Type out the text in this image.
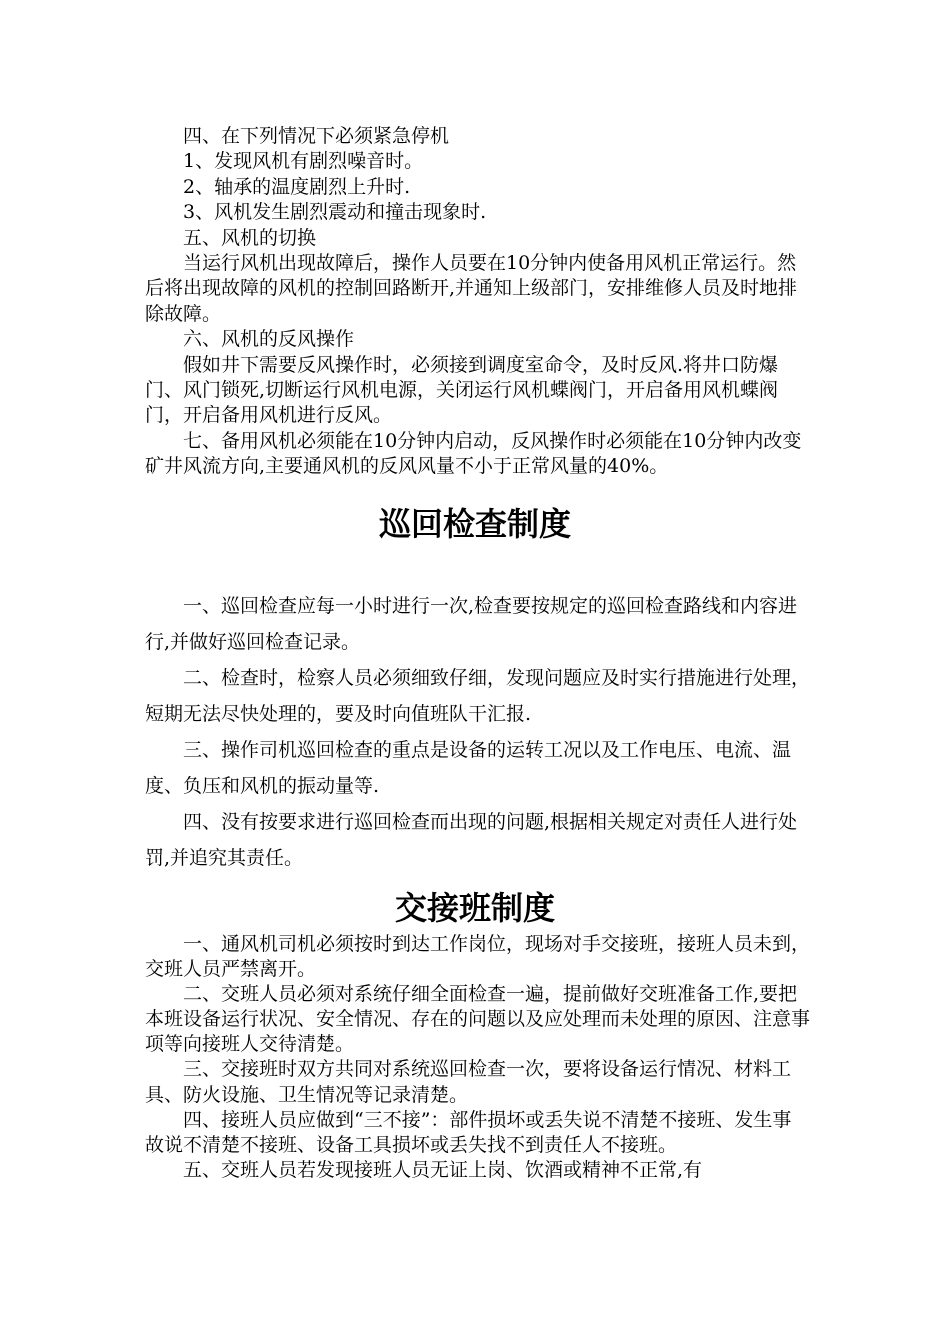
四、在下列情况下必须紧急停机

1、发现风机有剧烈噪音时。

2、轴承的温度剧烈上升时.

3、风机发生剧烈震动和撞击现象时.

五、风机的切换

当运行风机出现故障后，操作人员要在10分钟内使备用风机正常运行。然后将出现故障的风机的控制回路断开,并通知上级部门，安排维修人员及时地排除故障。

六、风机的反风操作

假如井下需要反风操作时，必须接到调度室命令，及时反风.将井口防爆门、风门锁死,切断运行风机电源，关闭运行风机蝶阀门，开启备用风机蝶阀门，开启备用风机进行反风。

七、备用风机必须能在10分钟内启动，反风操作时必须能在10分钟内改变矿井风流方向,主要通风机的反风风量不小于正常风量的40%。

巡回检查制度

一、巡回检查应每一小时进行一次,检查要按规定的巡回检查路线和内容进行,并做好巡回检查记录。

二、检查时，检察人员必须细致仔细，发现问题应及时实行措施进行处理，短期无法尽快处理的，要及时向值班队干汇报.

三、操作司机巡回检查的重点是设备的运转工况以及工作电压、电流、温度、负压和风机的振动量等.

四、没有按要求进行巡回检查而出现的问题,根据相关规定对责任人进行处罚,并追究其责任。

交接班制度

一、通风机司机必须按时到达工作岗位，现场对手交接班，接班人员未到，交班人员严禁离开。

二、交班人员必须对系统仔细全面检查一遍，提前做好交班准备工作,要把本班设备运行状况、安全情况、存在的问题以及应处理而未处理的原因、注意事项等向接班人交待清楚。

三、交接班时双方共同对系统巡回检查一次，要将设备运行情况、材料工具、防火设施、卫生情况等记录清楚。

四、接班人员应做到“三不接”：部件损坏或丢失说不清楚不接班、发生事故说不清楚不接班、设备工具损坏或丢失找不到责任人不接班。

五、交班人员若发现接班人员无证上岗、饮酒或精神不正常,有
